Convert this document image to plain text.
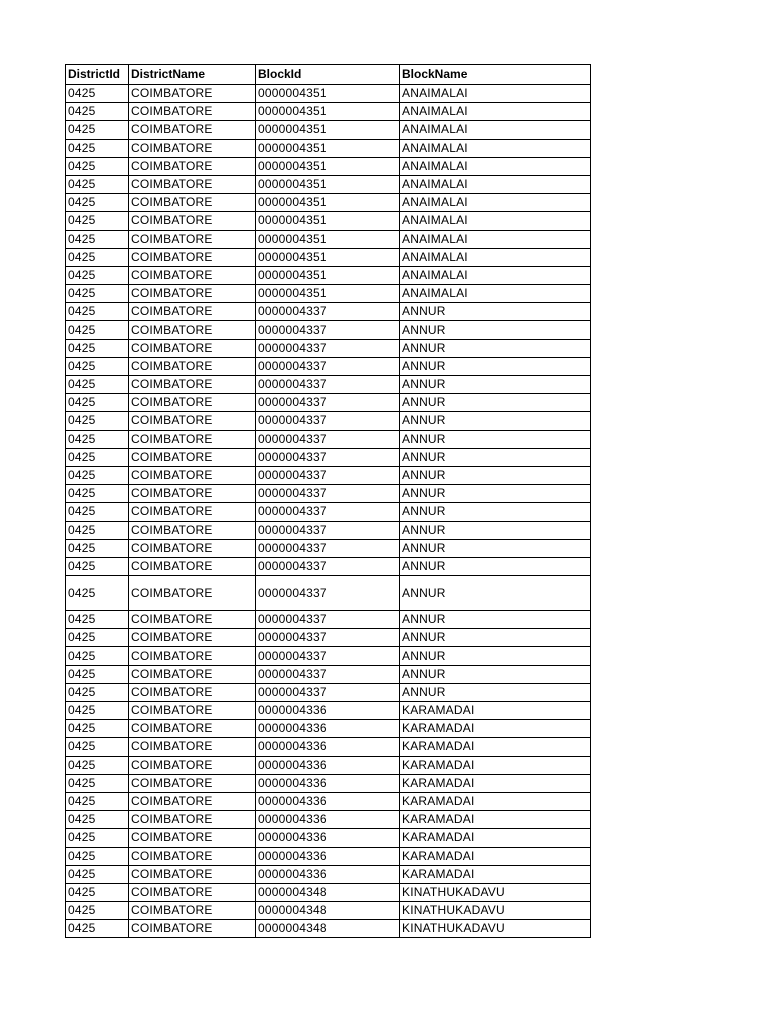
DistrictId	DistrictName	BlockId	BlockName
0425	COIMBATORE	0000004351	ANAIMALAI
0425	COIMBATORE	0000004351	ANAIMALAI
0425	COIMBATORE	0000004351	ANAIMALAI
0425	COIMBATORE	0000004351	ANAIMALAI
0425	COIMBATORE	0000004351	ANAIMALAI
0425	COIMBATORE	0000004351	ANAIMALAI
0425	COIMBATORE	0000004351	ANAIMALAI
0425	COIMBATORE	0000004351	ANAIMALAI
0425	COIMBATORE	0000004351	ANAIMALAI
0425	COIMBATORE	0000004351	ANAIMALAI
0425	COIMBATORE	0000004351	ANAIMALAI
0425	COIMBATORE	0000004351	ANAIMALAI
0425	COIMBATORE	0000004337	ANNUR
0425	COIMBATORE	0000004337	ANNUR
0425	COIMBATORE	0000004337	ANNUR
0425	COIMBATORE	0000004337	ANNUR
0425	COIMBATORE	0000004337	ANNUR
0425	COIMBATORE	0000004337	ANNUR
0425	COIMBATORE	0000004337	ANNUR
0425	COIMBATORE	0000004337	ANNUR
0425	COIMBATORE	0000004337	ANNUR
0425	COIMBATORE	0000004337	ANNUR
0425	COIMBATORE	0000004337	ANNUR
0425	COIMBATORE	0000004337	ANNUR
0425	COIMBATORE	0000004337	ANNUR
0425	COIMBATORE	0000004337	ANNUR
0425	COIMBATORE	0000004337	ANNUR
0425	COIMBATORE	0000004337	ANNUR
0425	COIMBATORE	0000004337	ANNUR
0425	COIMBATORE	0000004337	ANNUR
0425	COIMBATORE	0000004337	ANNUR
0425	COIMBATORE	0000004337	ANNUR
0425	COIMBATORE	0000004337	ANNUR
0425	COIMBATORE	0000004336	KARAMADAI
0425	COIMBATORE	0000004336	KARAMADAI
0425	COIMBATORE	0000004336	KARAMADAI
0425	COIMBATORE	0000004336	KARAMADAI
0425	COIMBATORE	0000004336	KARAMADAI
0425	COIMBATORE	0000004336	KARAMADAI
0425	COIMBATORE	0000004336	KARAMADAI
0425	COIMBATORE	0000004336	KARAMADAI
0425	COIMBATORE	0000004336	KARAMADAI
0425	COIMBATORE	0000004336	KARAMADAI
0425	COIMBATORE	0000004348	KINATHUKADAVU
0425	COIMBATORE	0000004348	KINATHUKADAVU
0425	COIMBATORE	0000004348	KINATHUKADAVU
